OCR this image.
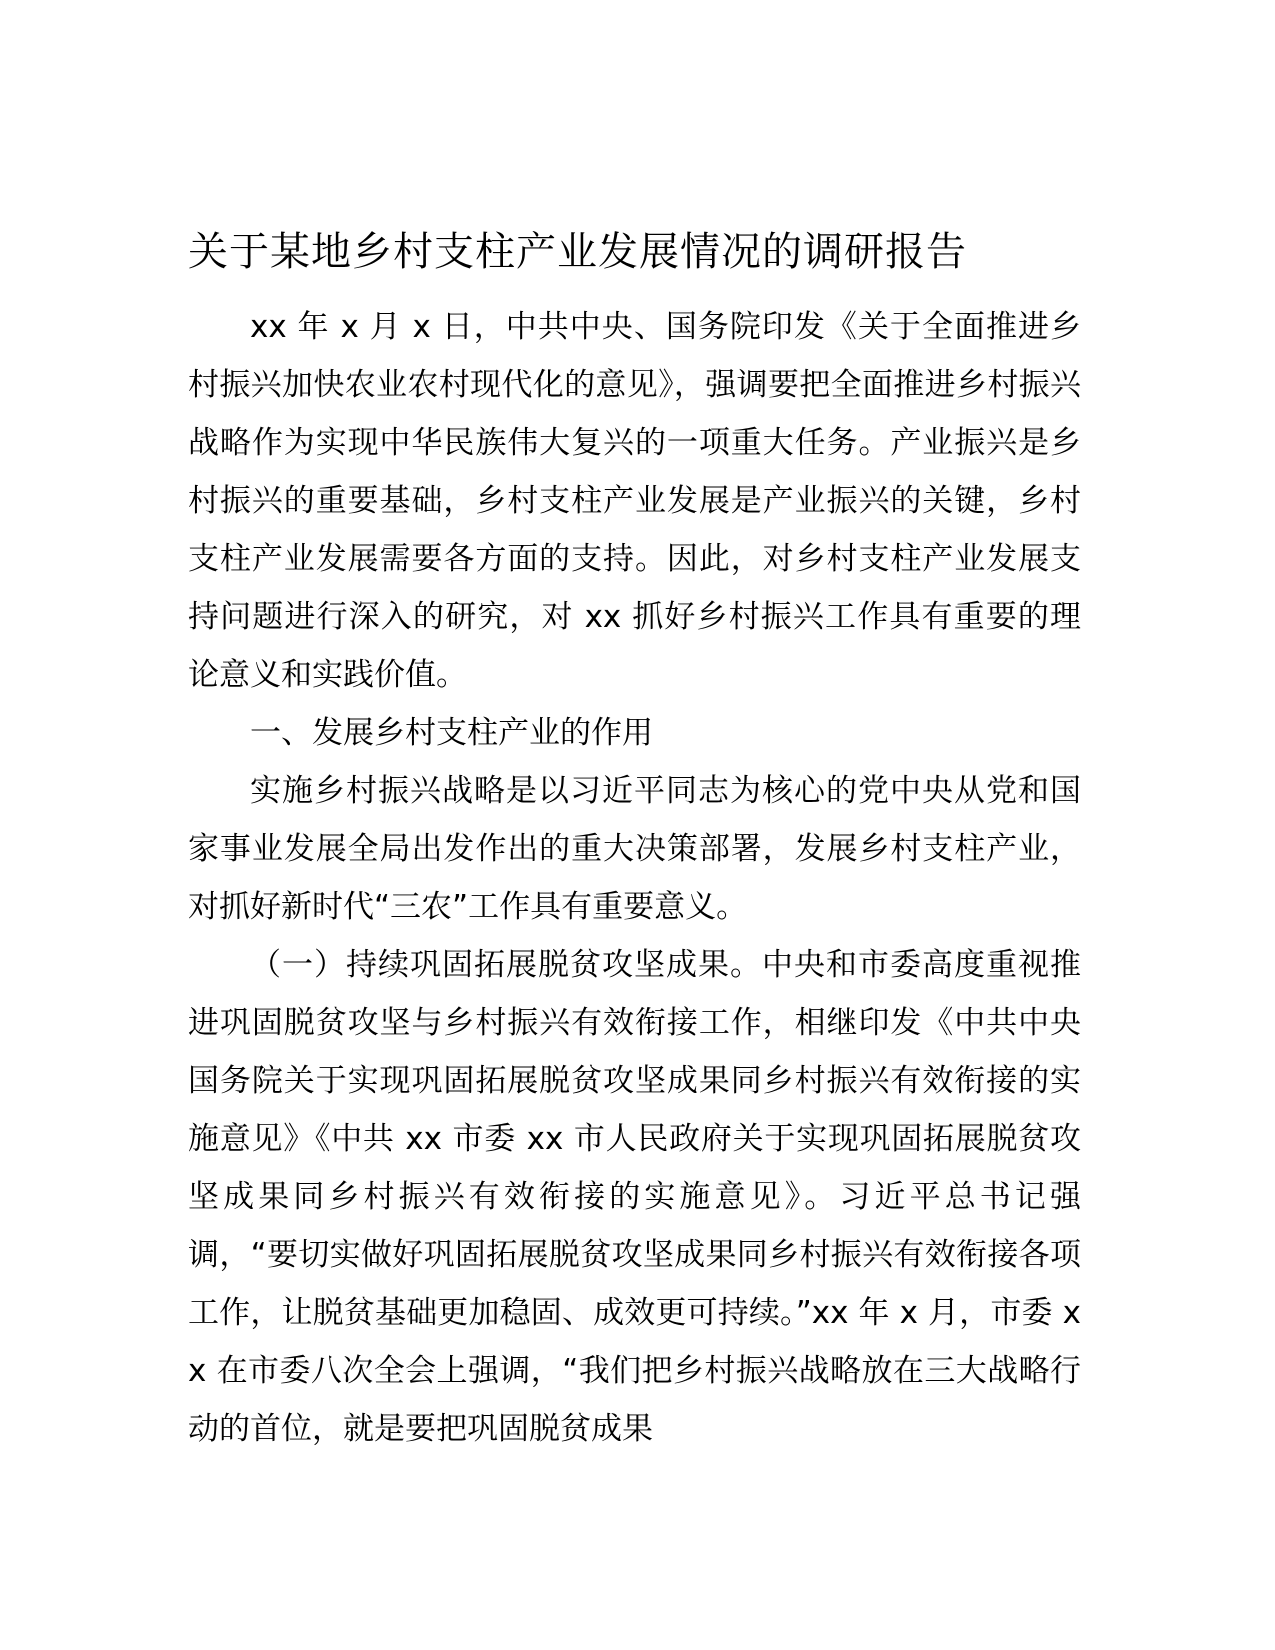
关于某地乡村支柱产业发展情况的调研报告

xx 年 x 月 x 日，中共中央、国务院印发《关于全面推进乡村振兴加快农业农村现代化的意见》，强调要把全面推进乡村振兴战略作为实现中华民族伟大复兴的一项重大任务。产业振兴是乡村振兴的重要基础，乡村支柱产业发展是产业振兴的关键，乡村支柱产业发展需要各方面的支持。因此，对乡村支柱产业发展支持问题进行深入的研究，对 xx 抓好乡村振兴工作具有重要的理论意义和实践价值。

一、发展乡村支柱产业的作用

实施乡村振兴战略是以习近平同志为核心的党中央从党和国家事业发展全局出发作出的重大决策部署，发展乡村支柱产业，对抓好新时代“三农”工作具有重要意义。

（一）持续巩固拓展脱贫攻坚成果。中央和市委高度重视推进巩固脱贫攻坚与乡村振兴有效衔接工作，相继印发《中共中央国务院关于实现巩固拓展脱贫攻坚成果同乡村振兴有效衔接的实施意见》《中共 xx 市委 xx 市人民政府关于实现巩固拓展脱贫攻坚成果同乡村振兴有效衔接的实施意见》。习近平总书记强调，“要切实做好巩固拓展脱贫攻坚成果同乡村振兴有效衔接各项工作，让脱贫基础更加稳固、成效更可持续。”xx 年 x 月，市委 xx 在市委八次全会上强调，“我们把乡村振兴战略放在三大战略行动的首位，就是要把巩固脱贫成果
